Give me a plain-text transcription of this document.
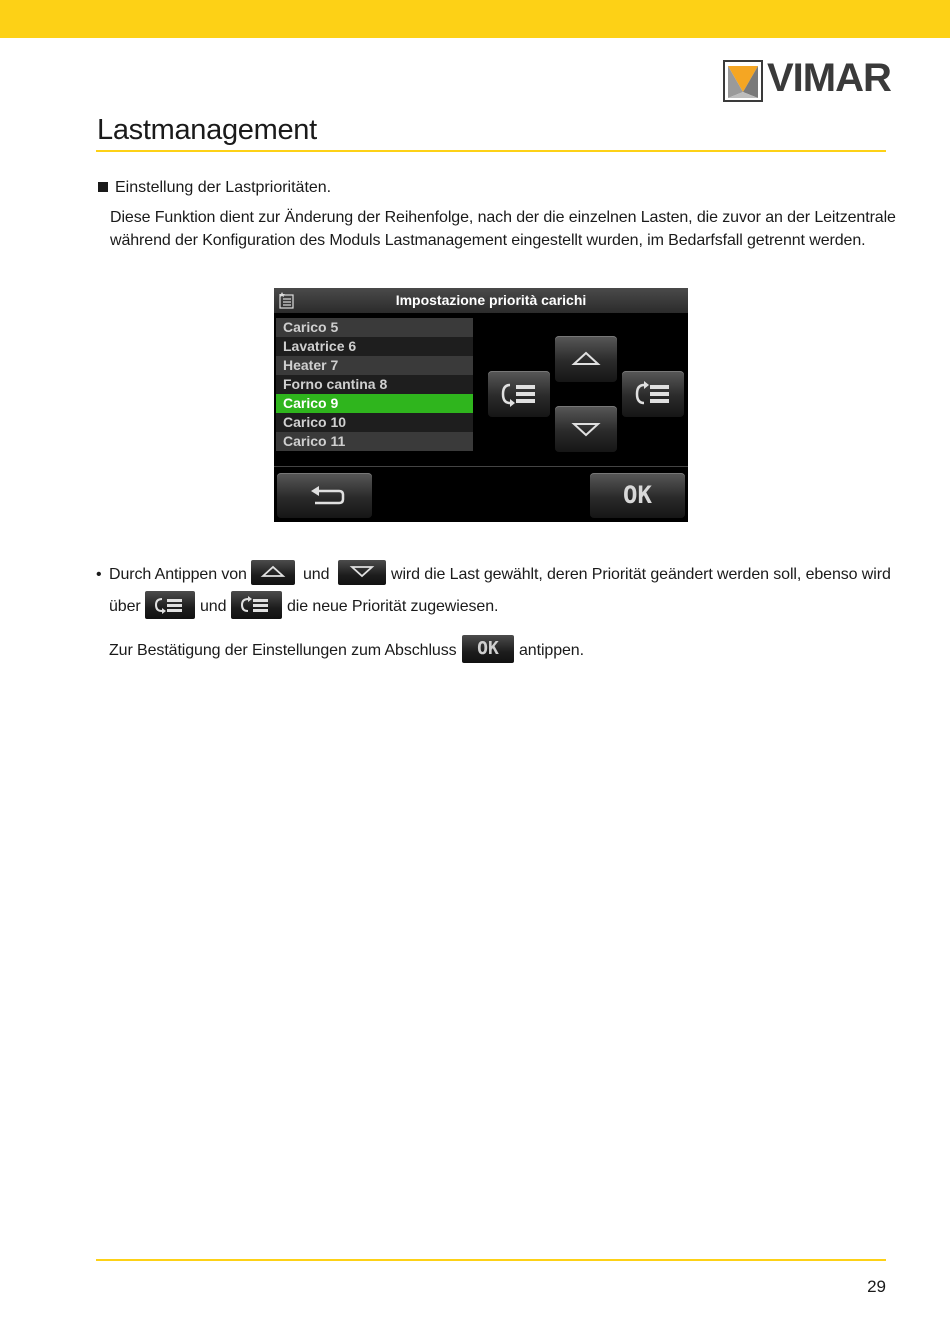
VIMAR
Lastmanagement
Einstellung der Lastprioritäten.
Diese Funktion dient zur Änderung der Reihenfolge, nach der die einzelnen Lasten, die zuvor an der Leitzentrale während der Konfiguration des Moduls Lastmanagement eingestellt wurden, im Bedarfsfall getrennt werden.
Impostazione priorità carichi
Carico 5
Lavatrice 6
Heater 7
Forno cantina 8
Carico 9
Carico 10
Carico 11
OK
• Durch Antippen von	und	wird die Last gewählt, deren Priorität geändert werden soll, ebenso wird
über	und	die neue Priorität zugewiesen.
Zur Bestätigung der Einstellungen zum Abschluss	OK	antippen.
29
